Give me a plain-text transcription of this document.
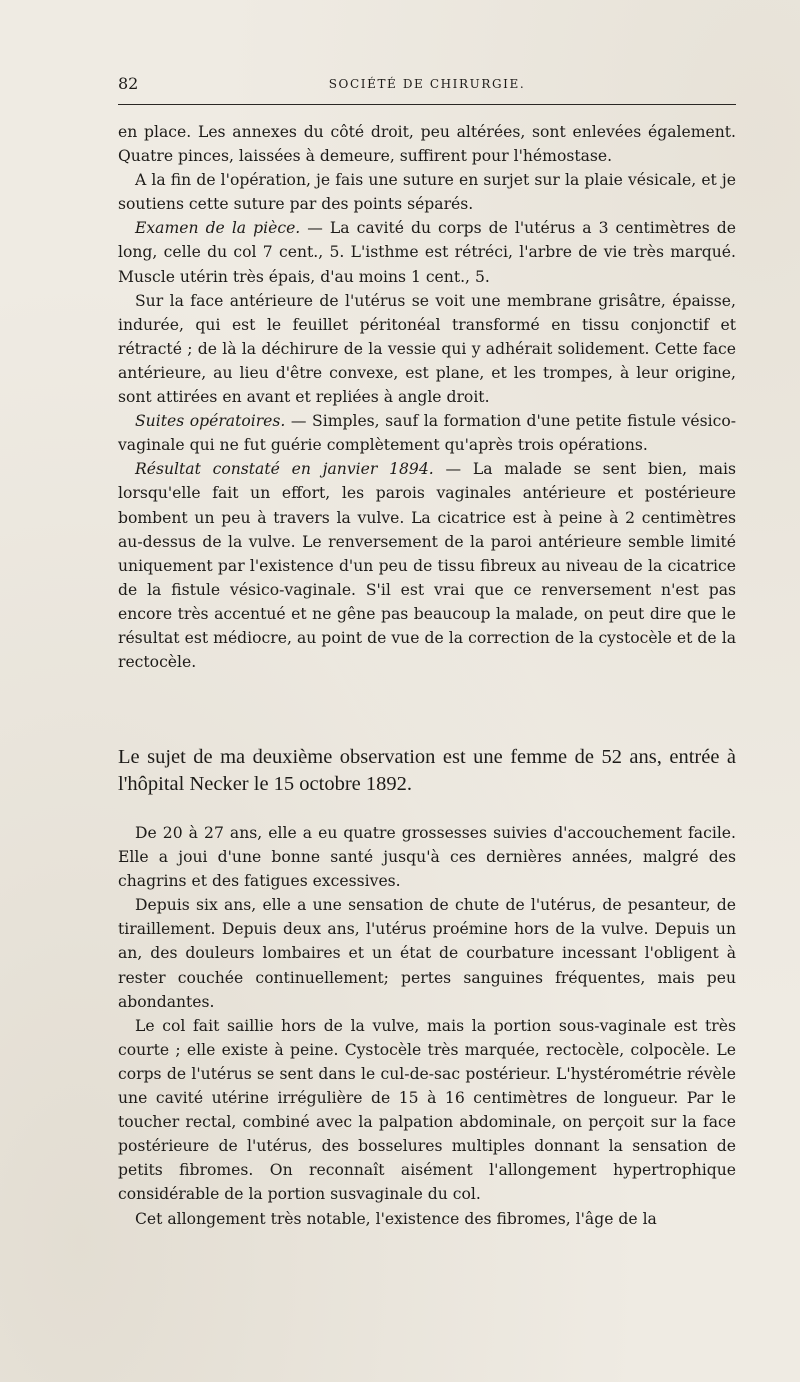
82	SOCIÉTÉ DE CHIRURGIE.

en place. Les annexes du côté droit, peu altérées, sont enlevées également. Quatre pinces, laissées à demeure, suffirent pour l'hémostase.

A la fin de l'opération, je fais une suture en surjet sur la plaie vésicale, et je soutiens cette suture par des points séparés.

Examen de la pièce. — La cavité du corps de l'utérus a 3 centimètres de long, celle du col 7 cent., 5. L'isthme est rétréci, l'arbre de vie très marqué. Muscle utérin très épais, d'au moins 1 cent., 5.

Sur la face antérieure de l'utérus se voit une membrane grisâtre, épaisse, indurée, qui est le feuillet péritonéal transformé en tissu conjonctif et rétracté ; de là la déchirure de la vessie qui y adhérait solidement. Cette face antérieure, au lieu d'être convexe, est plane, et les trompes, à leur origine, sont attirées en avant et repliées à angle droit.

Suites opératoires. — Simples, sauf la formation d'une petite fistule vésico-vaginale qui ne fut guérie complètement qu'après trois opérations.

Résultat constaté en janvier 1894. — La malade se sent bien, mais lorsqu'elle fait un effort, les parois vaginales antérieure et postérieure bombent un peu à travers la vulve. La cicatrice est à peine à 2 centimètres au-dessus de la vulve. Le renversement de la paroi antérieure semble limité uniquement par l'existence d'un peu de tissu fibreux au niveau de la cicatrice de la fistule vésico-vaginale. S'il est vrai que ce renversement n'est pas encore très accentué et ne gêne pas beaucoup la malade, on peut dire que le résultat est médiocre, au point de vue de la correction de la cystocèle et de la rectocèle.

Le sujet de ma deuxième observation est une femme de 52 ans, entrée à l'hôpital Necker le 15 octobre 1892.

De 20 à 27 ans, elle a eu quatre grossesses suivies d'accouchement facile. Elle a joui d'une bonne santé jusqu'à ces dernières années, malgré des chagrins et des fatigues excessives.

Depuis six ans, elle a une sensation de chute de l'utérus, de pesanteur, de tiraillement. Depuis deux ans, l'utérus proémine hors de la vulve. Depuis un an, des douleurs lombaires et un état de courbature incessant l'obligent à rester couchée continuellement; pertes sanguines fréquentes, mais peu abondantes.

Le col fait saillie hors de la vulve, mais la portion sous-vaginale est très courte ; elle existe à peine. Cystocèle très marquée, rectocèle, colpocèle. Le corps de l'utérus se sent dans le cul-de-sac postérieur. L'hystérométrie révèle une cavité utérine irrégulière de 15 à 16 centimètres de longueur. Par le toucher rectal, combiné avec la palpation abdominale, on perçoit sur la face postérieure de l'utérus, des bosselures multiples donnant la sensation de petits fibromes. On reconnaît aisément l'allongement hypertrophique considérable de la portion susvaginale du col.

Cet allongement très notable, l'existence des fibromes, l'âge de la
